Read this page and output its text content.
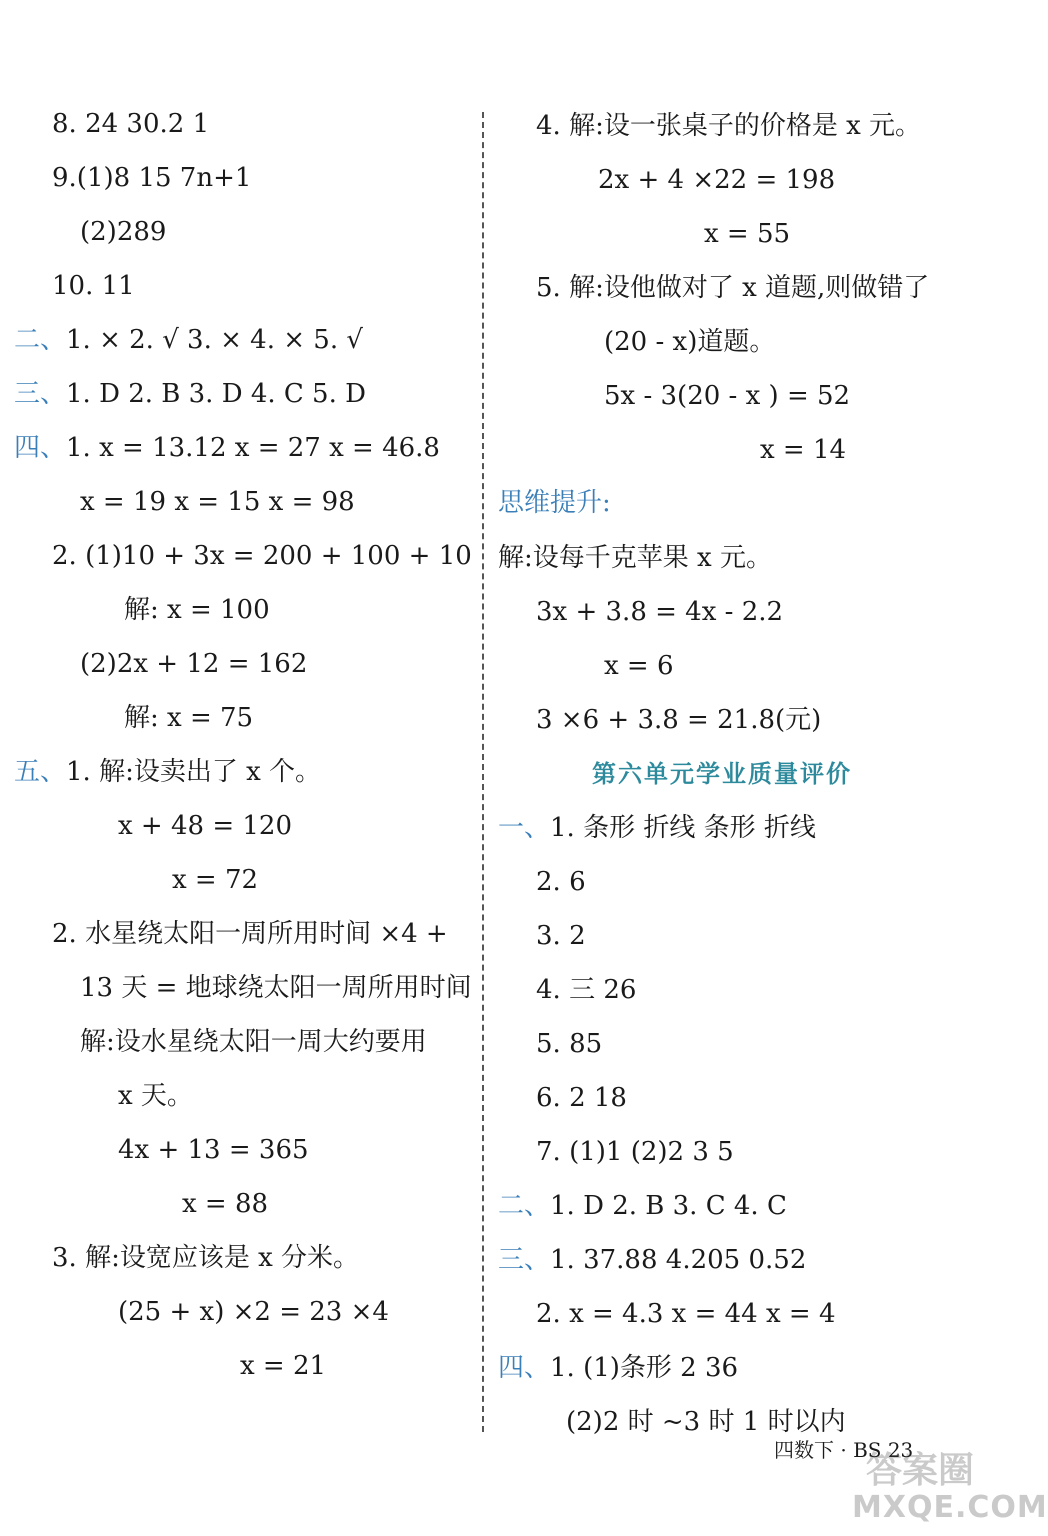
8. 24 30.2 1
9.(1)8 15 7n+1
(2)289
10. 11
二、1. × 2. √ 3. × 4. × 5. √
三、1. D 2. B 3. D 4. C 5. D
四、1. x = 13.12 x = 27 x = 46.8
x = 19 x = 15 x = 98
2. (1)10 + 3x = 200 + 100 + 10
解: x = 100
(2)2x + 12 = 162
解: x = 75
五、1. 解:设卖出了 x 个。
x + 48 = 120
x = 72
2. 水星绕太阳一周所用时间 ×4 +
13 天 = 地球绕太阳一周所用时间
解:设水星绕太阳一周大约要用
x 天。
4x + 13 = 365
x = 88
3. 解:设宽应该是 x 分米。
(25 + x) ×2 = 23 ×4
x = 21
4. 解:设一张桌子的价格是 x 元。
2x + 4 ×22 = 198
x = 55
5. 解:设他做对了 x 道题,则做错了
(20 - x)道题。
5x - 3(20 - x ) = 52
x = 14
思维提升:
解:设每千克苹果 x 元。
3x + 3.8 = 4x - 2.2
x = 6
3 ×6 + 3.8 = 21.8(元)
第六单元学业质量评价
一、1. 条形 折线 条形 折线
2. 6
3. 2
4. 三 26
5. 85
6. 2 18
7. (1)1 (2)2 3 5
二、1. D 2. B 3. C 4. C
三、1. 37.88 4.205 0.52
2. x = 4.3 x = 44 x = 4
四、1. (1)条形 2 36
(2)2 时 ~3 时 1 时以内
四数下 · BS 23
答案圈
MXQE.COM
